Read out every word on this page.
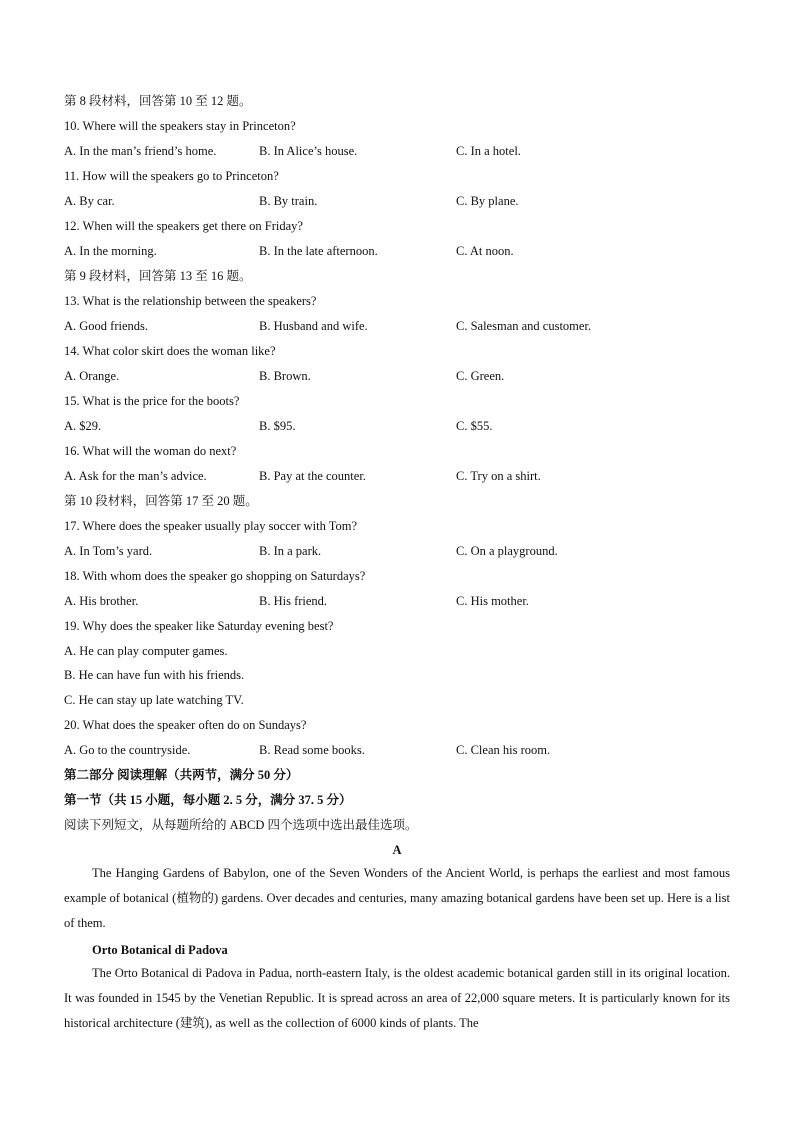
第 8 段材料，回答第 10 至 12 题。
10. Where will the speakers stay in Princeton?
A. In the man’s friend’s home.	B. In Alice’s house.	C. In a hotel.
11. How will the speakers go to Princeton?
A. By car.	B. By train.	C. By plane.
12. When will the speakers get there on Friday?
A. In the morning.	B. In the late afternoon.	C. At noon.
第 9 段材料，回答第 13 至 16 题。
13. What is the relationship between the speakers?
A. Good friends.	B. Husband and wife.	C. Salesman and customer.
14. What color skirt does the woman like?
A. Orange.	B. Brown.	C. Green.
15. What is the price for the boots?
A. $29.	B. $95.	C. $55.
16. What will the woman do next?
A. Ask for the man’s advice.	B. Pay at the counter.	C. Try on a shirt.
第 10 段材料，回答第 17 至 20 题。
17. Where does the speaker usually play soccer with Tom?
A. In Tom’s yard.	B. In a park.	C. On a playground.
18. With whom does the speaker go shopping on Saturdays?
A. His brother.	B. His friend.	C. His mother.
19. Why does the speaker like Saturday evening best?
A. He can play computer games.
B. He can have fun with his friends.
C. He can stay up late watching TV.
20. What does the speaker often do on Sundays?
A. Go to the countryside.	B. Read some books.	C. Clean his room.
第二部分 阅读理解（共两节，满分 50 分）
第一节（共 15 小题，每小题 2. 5 分，满分 37. 5 分）
阅读下列短文，从每题所给的 ABCD 四个选项中选出最佳选项。
A
The Hanging Gardens of Babylon, one of the Seven Wonders of the Ancient World, is perhaps the earliest and most famous example of botanical (植物的) gardens. Over decades and centuries, many amazing botanical gardens have been set up. Here is a list of them.
Orto Botanical di Padova
The Orto Botanical di Padova in Padua, north-eastern Italy, is the oldest academic botanical garden still in its original location. It was founded in 1545 by the Venetian Republic. It is spread across an area of 22,000 square meters. It is particularly known for its historical architecture (建筑), as well as the collection of 6000 kinds of plants. The
